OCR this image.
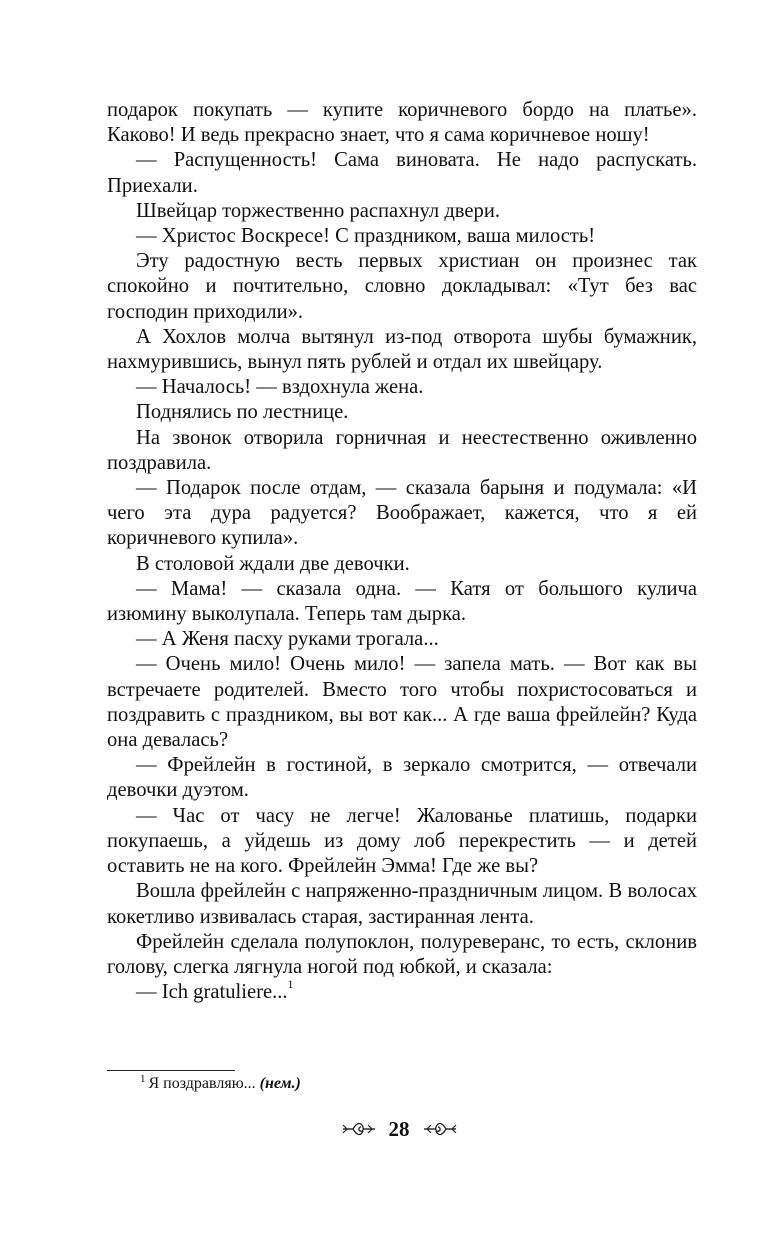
подарок покупать — купите коричневого бордо на платье». Каково! И ведь прекрасно знает, что я сама коричневое ношу!

— Распущенность! Сама виновата. Не надо распускать. Приехали.

Швейцар торжественно распахнул двери.

— Христос Воскресе! С праздником, ваша милость!

Эту радостную весть первых христиан он произнес так спокойно и почтительно, словно докладывал: «Тут без вас господин приходили».

А Хохлов молча вытянул из-под отворота шубы бумажник, нахмурившись, вынул пять рублей и отдал их швейцару.

— Началось! — вздохнула жена.

Поднялись по лестнице.

На звонок отворила горничная и неестественно оживленно поздравила.

— Подарок после отдам, — сказала барыня и подумала: «И чего эта дура радуется? Воображает, кажется, что я ей коричневого купила».

В столовой ждали две девочки.

— Мама! — сказала одна. — Катя от большого кулича изюмину выколупала. Теперь там дырка.

— А Женя пасху руками трогала...

— Очень мило! Очень мило! — запела мать. — Вот как вы встречаете родителей. Вместо того чтобы похристосоваться и поздравить с праздником, вы вот как... А где ваша фрейлейн? Куда она девалась?

— Фрейлейн в гостиной, в зеркало смотрится, — отвечали девочки дуэтом.

— Час от часу не легче! Жалованье платишь, подарки покупаешь, а уйдешь из дому лоб перекрестить — и детей оставить не на кого. Фрейлейн Эмма! Где же вы?

Вошла фрейлейн с напряженно-праздничным лицом. В волосах кокетливо извивалась старая, застиранная лента.

Фрейлейн сделала полупоклон, полуреверанс, то есть, склонив голову, слегка лягнула ногой под юбкой, и сказала:

— Ich gratuliere...$^1$

$^1$ Я поздравляю... (нем.)
28
